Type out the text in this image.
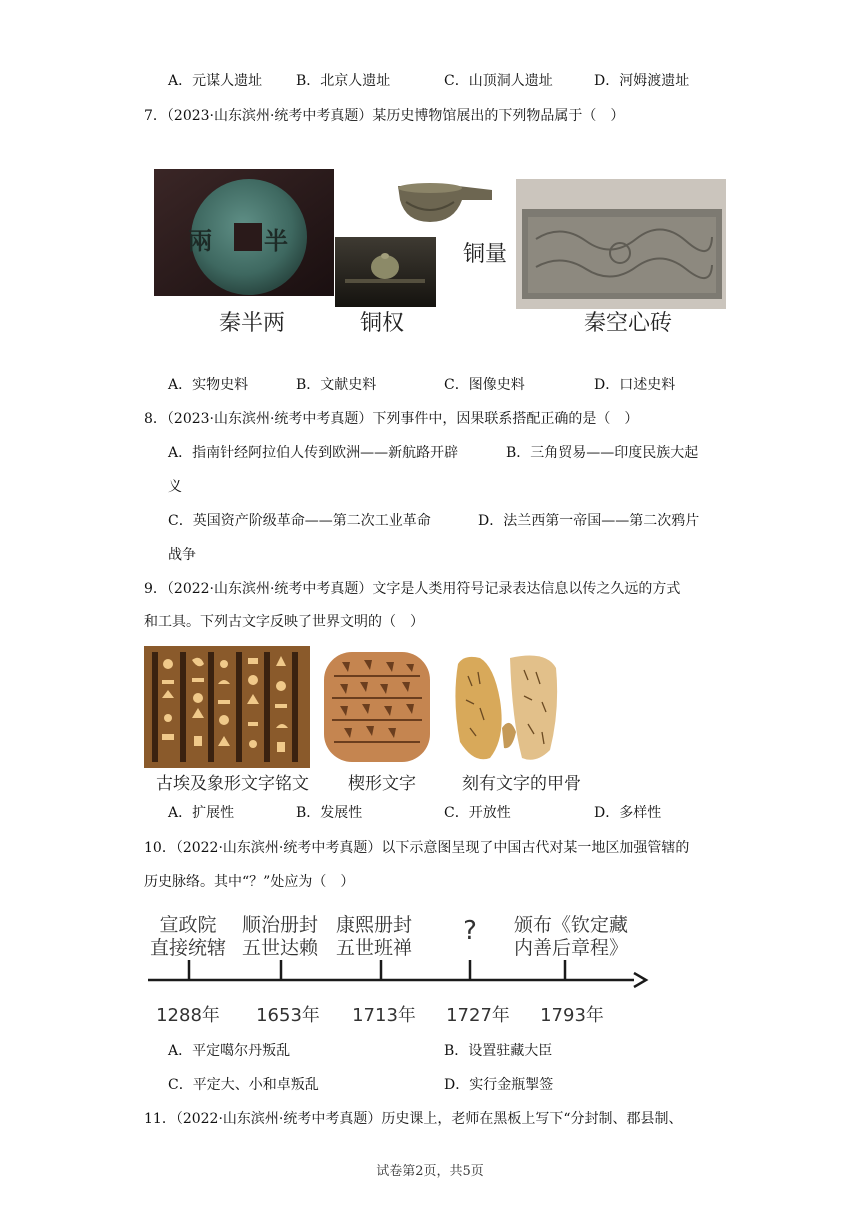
A．元谋人遗址 B．北京人遗址	C．山顶洞人遗址	D．河姆渡遗址
7．（2023·山东滨州·统考中考真题）某历史博物馆展出的下列物品属于（　）
兩　半	铜量
秦半两	铜权	秦空心砖
A．实物史料	B．文献史料	C．图像史料	D．口述史料
8．（2023·山东滨州·统考中考真题）下列事件中，因果联系搭配正确的是（　）
A．指南针经阿拉伯人传到欧洲——新航路开辟	B．三角贸易——印度民族大起
义
C．英国资产阶级革命——第二次工业革命	D．法兰西第一帝国——第二次鸦片
战争
9．（2022·山东滨州·统考中考真题）文字是人类用符号记录表达信息以传之久远的方式
和工具。下列古文字反映了世界文明的（　）
古埃及象形文字铭文 楔形文字	刻有文字的甲骨
A．扩展性	B．发展性	C．开放性	D．多样性
10．（2022·山东滨州·统考中考真题）以下示意图呈现了中国古代对某一地区加强管辖的
历史脉络。其中“？”处应为（　）
宣政院
直接统辖
1288年
顺治册封
五世达赖
1653年
康熙册封
五世班禅
1713年
?
1727年
颁布《钦定藏
内善后章程》
1793年
A．平定噶尔丹叛乱	B．设置驻藏大臣
C．平定大、小和卓叛乱	D．实行金瓶掣签
11．（2022·山东滨州·统考中考真题）历史课上，老师在黑板上写下“分封制、郡县制、
试卷第2页，共5页
